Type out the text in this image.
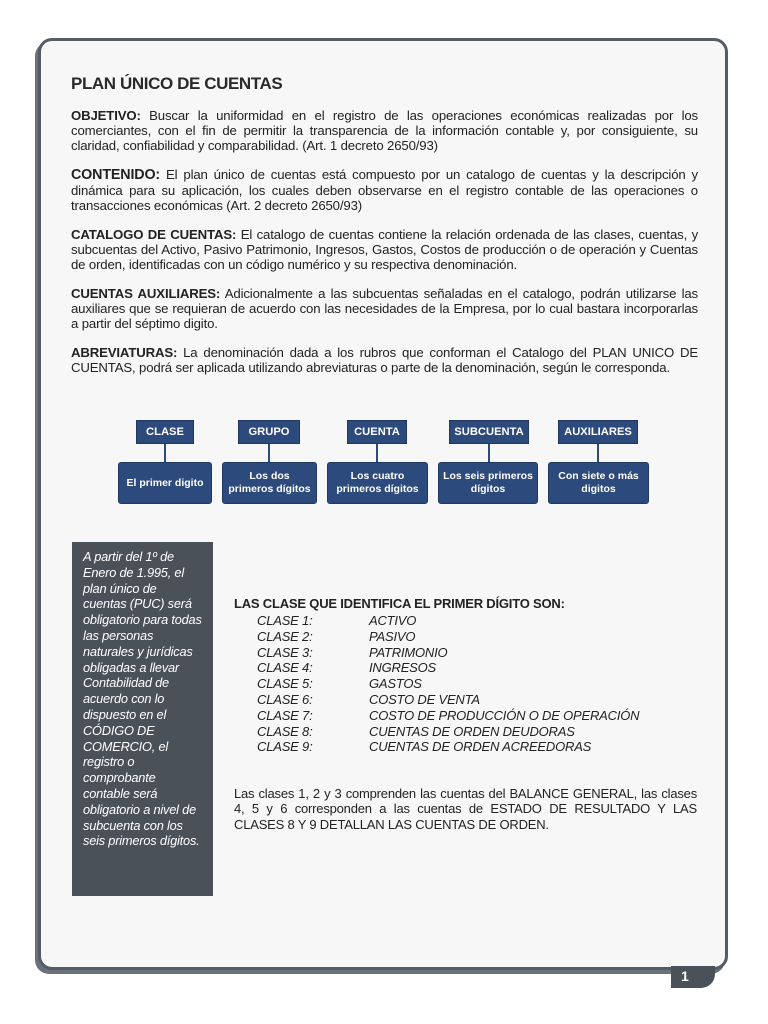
PLAN ÚNICO DE CUENTAS

OBJETIVO: Buscar la uniformidad en el registro de las operaciones económicas realizadas por los comerciantes, con el fin de permitir la transparencia de la información contable y, por consiguiente, su claridad, confiabilidad y comparabilidad. (Art. 1 decreto 2650/93)

CONTENIDO: El plan único de cuentas está compuesto por un catalogo de cuentas y la descripción y dinámica para su aplicación, los cuales deben observarse en el registro contable de las operaciones o transacciones económicas (Art. 2 decreto 2650/93)

CATALOGO DE CUENTAS: El catalogo de cuentas contiene la relación ordenada de las clases, cuentas, y subcuentas del Activo, Pasivo Patrimonio, Ingresos, Gastos, Costos de producción o de operación y Cuentas de orden, identificadas con un código numérico y su respectiva denominación.

CUENTAS AUXILIARES: Adicionalmente a las subcuentas señaladas en el catalogo, podrán utilizarse las auxiliares que se requieran de acuerdo con las necesidades de la Empresa, por lo cual bastara incorporarlas a partir del séptimo digito.

ABREVIATURAS: La denominación dada a los rubros que conforman el Catalogo del PLAN UNICO DE CUENTAS, podrá ser aplicada utilizando abreviaturas o parte de la denominación, según le corresponda.

CLASE	GRUPO	CUENTA	SUBCUENTA	AUXILIARES
El primer digito
Los dos primeros dígitos
Los cuatro primeros dígitos
Los seis primeros dígitos
Con siete o más digitos
A partir del 1º de Enero de 1.995, el plan único de cuentas (PUC) será obligatorio para todas las personas naturales y jurídicas obligadas a llevar Contabilidad de acuerdo con lo dispuesto en el CÓDIGO DE COMERCIO, el registro o comprobante contable será obligatorio a nivel de subcuenta con los seis primeros dígitos.
LAS CLASE QUE IDENTIFICA EL PRIMER DÍGITO SON:
CLASE 1:	ACTIVO
CLASE 2:	PASIVO
CLASE 3:	PATRIMONIO
CLASE 4:	INGRESOS
CLASE 5:	GASTOS
CLASE 6:	COSTO DE VENTA
CLASE 7:	COSTO DE PRODUCCIÓN O DE OPERACIÓN
CLASE 8:	CUENTAS DE ORDEN DEUDORAS
CLASE 9:	CUENTAS DE ORDEN ACREEDORAS
Las clases 1, 2 y 3 comprenden las cuentas del BALANCE GENERAL, las clases 4, 5 y 6 corresponden a las cuentas de ESTADO DE RESULTADO Y LAS CLASES 8 Y 9 DETALLAN LAS CUENTAS DE ORDEN.
1
